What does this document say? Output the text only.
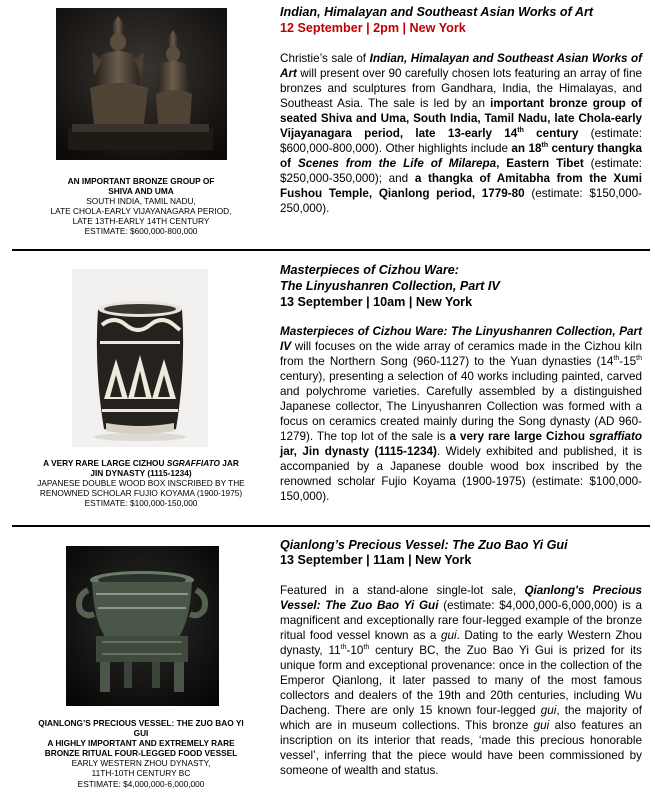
AN IMPORTANT BRONZE GROUP OF
SHIVA AND UMA
SOUTH INDIA, TAMIL NADU,
LATE CHOLA-EARLY VIJAYANAGARA PERIOD,
LATE 13TH-EARLY 14TH CENTURY
ESTIMATE: $600,000-800,000
Indian, Himalayan and Southeast Asian Works of Art
12 September | 2pm | New York
Christie’s sale of Indian, Himalayan and Southeast Asian Works of Art will present over 90 carefully chosen lots featuring an array of fine bronzes and sculptures from Gandhara, India, the Himalayas, and Southeast Asia. The sale is led by an important bronze group of seated Shiva and Uma, South India, Tamil Nadu, late Chola-early Vijayanagara period, late 13-early 14th century (estimate: $600,000-800,000). Other highlights include an 18th century thangka of Scenes from the Life of Milarepa, Eastern Tibet (estimate: $250,000-350,000); and a thangka of Amitabha from the Xumi Fushou Temple, Qianlong period, 1779-80 (estimate: $150,000-250,000).
A VERY RARE LARGE CIZHOU SGRAFFIATO JAR
JIN DYNASTY (1115-1234)
JAPANESE DOUBLE WOOD BOX INSCRIBED BY THE
RENOWNED SCHOLAR FUJIO KOYAMA (1900-1975)
ESTIMATE: $100,000-150,000
Masterpieces of Cizhou Ware:
The Linyushanren Collection, Part IV
13 September | 10am | New York
Masterpieces of Cizhou Ware: The Linyushanren Collection, Part IV will focuses on the wide array of ceramics made in the Cizhou kiln from the Northern Song (960-1127) to the Yuan dynasties (14th-15th century), presenting a selection of 40 works including painted, carved and polychrome varieties. Carefully assembled by a distinguished Japanese collector, The Linyushanren Collection was formed with a focus on ceramics created mainly during the Song dynasty (AD 960-1279). The top lot of the sale is a very rare large Cizhou sgraffiato jar, Jin dynasty (1115-1234). Widely exhibited and published, it is accompanied by a Japanese double wood box inscribed by the renowned scholar Fujio Koyama (1900-1975) (estimate: $100,000-150,000).
QIANLONG’S PRECIOUS VESSEL: THE ZUO BAO YI
GUI
A HIGHLY IMPORTANT AND EXTREMELY RARE
BRONZE RITUAL FOUR-LEGGED FOOD VESSEL
EARLY WESTERN ZHOU DYNASTY,
11TH-10TH CENTURY BC
ESTIMATE: $4,000,000-6,000,000
Qianlong’s Precious Vessel: The Zuo Bao Yi Gui
13 September | 11am | New York
Featured in a stand-alone single-lot sale, Qianlong's Precious Vessel: The Zuo Bao Yi Gui (estimate: $4,000,000-6,000,000) is a magnificent and exceptionally rare four-legged example of the bronze ritual food vessel known as a gui. Dating to the early Western Zhou dynasty, 11th-10th century BC, the Zuo Bao Yi Gui is prized for its unique form and exceptional provenance: once in the collection of the Emperor Qianlong, it later passed to many of the most famous collectors and dealers of the 19th and 20th centuries, including Wu Dacheng. There are only 15 known four-legged gui, the majority of which are in museum collections. This bronze gui also features an inscription on its interior that reads, ‘made this precious honorable vessel’, inferring that the piece would have been commissioned by someone of wealth and status.
